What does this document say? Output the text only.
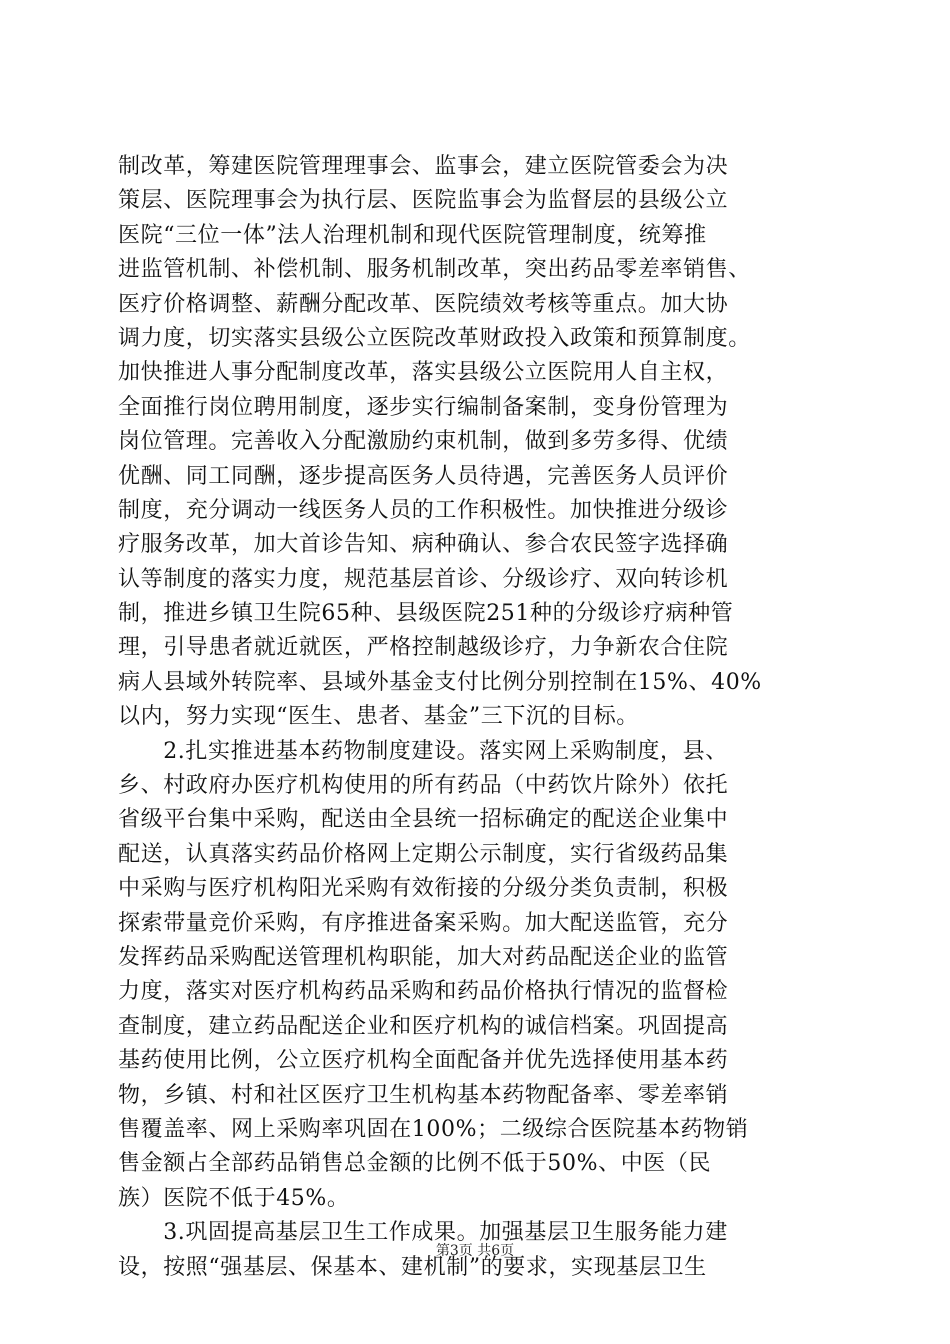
制改革，筹建医院管理理事会、监事会，建立医院管委会为决
策层、医院理事会为执行层、医院监事会为监督层的县级公立
医院“三位一体”法人治理机制和现代医院管理制度，统筹推
进监管机制、补偿机制、服务机制改革，突出药品零差率销售、
医疗价格调整、薪酬分配改革、医院绩效考核等重点。加大协
调力度，切实落实县级公立医院改革财政投入政策和预算制度。
加快推进人事分配制度改革，落实县级公立医院用人自主权，
全面推行岗位聘用制度，逐步实行编制备案制，变身份管理为
岗位管理。完善收入分配激励约束机制，做到多劳多得、优绩
优酬、同工同酬，逐步提高医务人员待遇，完善医务人员评价
制度，充分调动一线医务人员的工作积极性。加快推进分级诊
疗服务改革，加大首诊告知、病种确认、参合农民签字选择确
认等制度的落实力度，规范基层首诊、分级诊疗、双向转诊机
制，推进乡镇卫生院65种、县级医院251种的分级诊疗病种管
理，引导患者就近就医，严格控制越级诊疗，力争新农合住院
病人县域外转院率、县域外基金支付比例分别控制在15%、40%
以内，努力实现“医生、患者、基金”三下沉的目标。
　　2.扎实推进基本药物制度建设。落实网上采购制度，县、
乡、村政府办医疗机构使用的所有药品（中药饮片除外）依托
省级平台集中采购，配送由全县统一招标确定的配送企业集中
配送，认真落实药品价格网上定期公示制度，实行省级药品集
中采购与医疗机构阳光采购有效衔接的分级分类负责制，积极
探索带量竞价采购，有序推进备案采购。加大配送监管，充分
发挥药品采购配送管理机构职能，加大对药品配送企业的监管
力度，落实对医疗机构药品采购和药品价格执行情况的监督检
查制度，建立药品配送企业和医疗机构的诚信档案。巩固提高
基药使用比例，公立医疗机构全面配备并优先选择使用基本药
物，乡镇、村和社区医疗卫生机构基本药物配备率、零差率销
售覆盖率、网上采购率巩固在100%；二级综合医院基本药物销
售金额占全部药品销售总金额的比例不低于50%、中医（民
族）医院不低于45%。
　　3.巩固提高基层卫生工作成果。加强基层卫生服务能力建
设，按照“强基层、保基本、建机制”的要求，实现基层卫生
第3页 共6页
